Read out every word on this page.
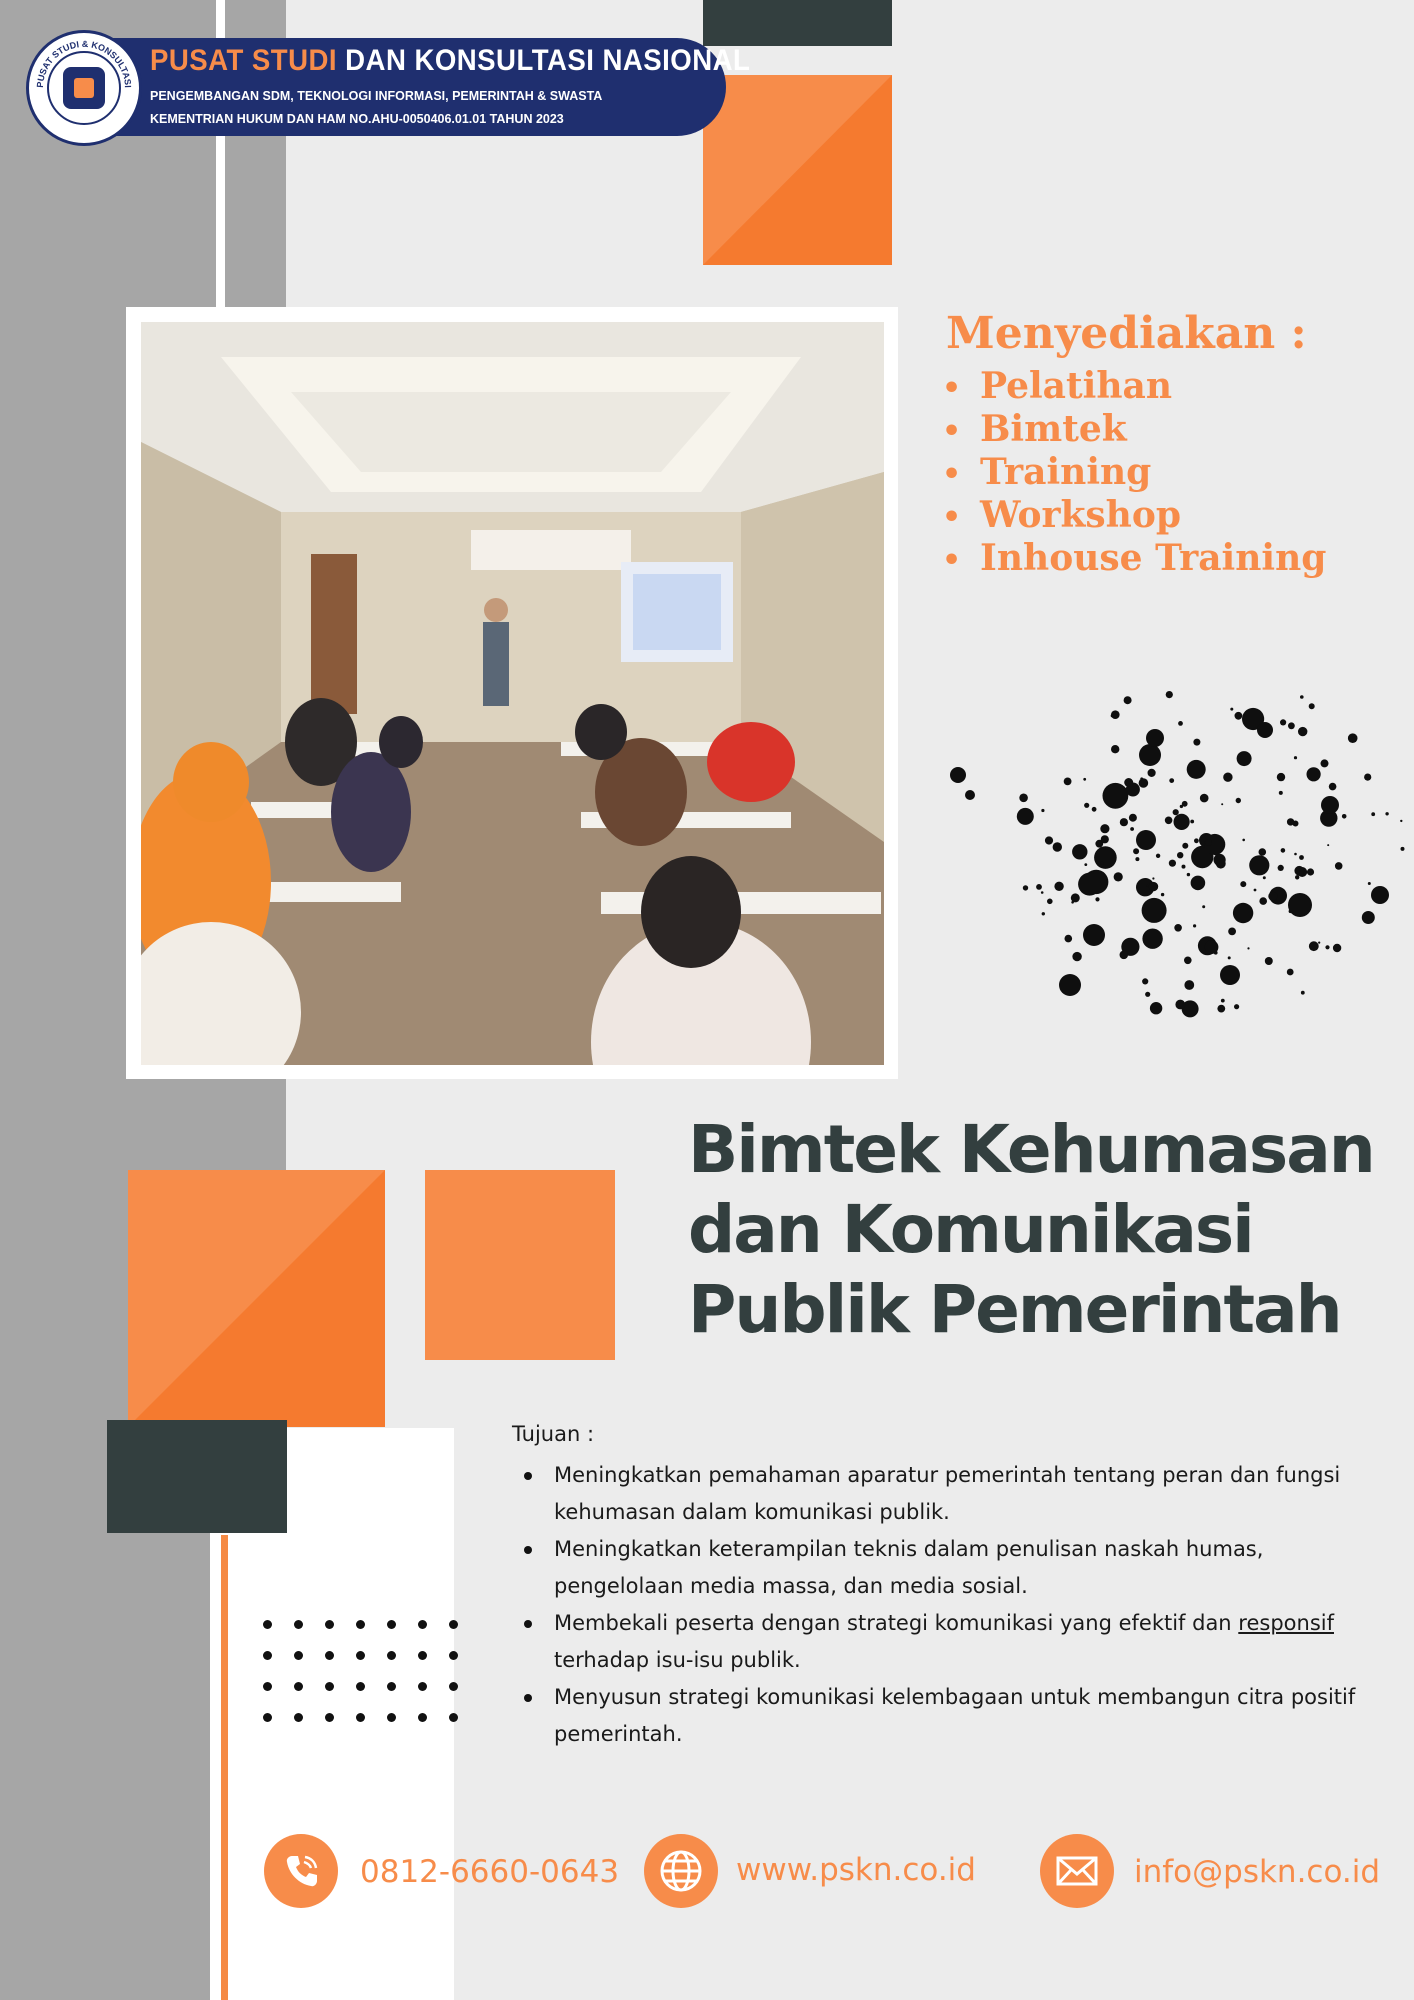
PUSAT STUDI & KONSULTASI
PUSAT STUDI DAN KONSULTASI NASIONAL
PENGEMBANGAN SDM, TEKNOLOGI INFORMASI, PEMERINTAH & SWASTA
KEMENTRIAN HUKUM DAN HAM NO.AHU-0050406.01.01 TAHUN 2023
Menyediakan :
• Pelatihan
• Bimtek
• Training
• Workshop
• Inhouse Training
Bimtek Kehumasan
dan Komunikasi
Publik Pemerintah
Tujuan :
Meningkatkan pemahaman aparatur pemerintah tentang peran dan fungsi kehumasan dalam komunikasi publik.
Meningkatkan keterampilan teknis dalam penulisan naskah humas, pengelolaan media massa, dan media sosial.
Membekali peserta dengan strategi komunikasi yang efektif dan responsif terhadap isu-isu publik.
Menyusun strategi komunikasi kelembagaan untuk membangun citra positif pemerintah.
0812-6660-0643	www.pskn.co.id	info@pskn.co.id
